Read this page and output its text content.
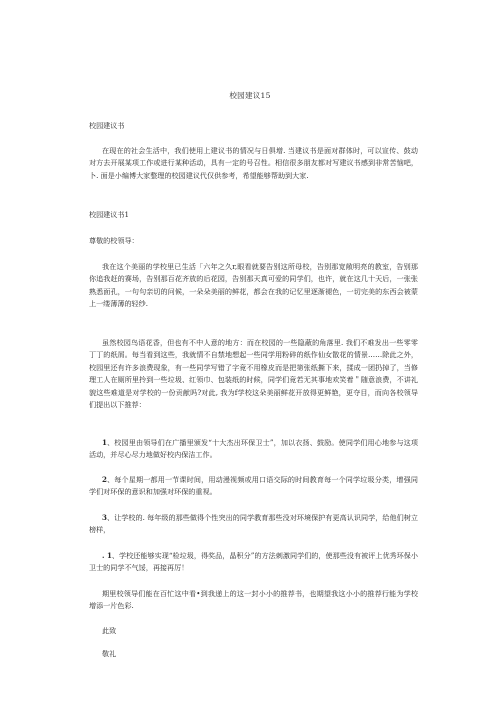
校园建议15

校园建议书

在现在的社会生活中，我们使用上建议书的情况与日俱增. 当建议书是面对群体时，可以宣传、鼓动对方去开展某项工作或进行某种活动，具有一定的号召性。相信很多朋友都对写建议书感到非常苦恼吧，卜. 面是小编博大家整理的校园建议代仅供参考，希望能够帮助到大家.

校园建议书1

尊敬的校领导：

我在这个美丽的学校里已生活「六年之久r,眼看就要告别这所母校，告别那宽敞明亮的教室，告别那你追我赶的赛场，告别那百花齐放的后花园，告别那天真可爱的同学们，也许，就在这几十天后，一张张熟悉面孔，一句句亲切的问候，一朵朵美丽的鲜花，都会在我的记忆里逐渐褪色，一切完美的东西会被蒙上一缕薄薄的轻纱.

虽然校园鸟语花香，但也有不中人意的地方：而在校园的一些隐蔽的角落里. 我们不难发出一些零零丁丁的纸屑。每当看到这些，我就情不自禁地想起一些同学用粉碎的纸作仙女散花的情景……除此之外，校园里还有许多浪费现象，有一些同学写错了字竟不用橡皮而是把第张纸撕下来，揉成一团扔掉了，当修理工人在厕所里拎到一些垃圾、红领巾、包装纸的时候，同学们竟若无其事地欢笑着＂随意浪费，不讲礼貌这些难道是对学校的一份贡献吗?对此, 我为f学校这朵美丽鲜花开放得更鲜艳，更夺目，而向各校领导们提出以下推荐：

1、校园里由领导们在广播里颁发“十大杰出环保卫士”，加以衣扬、鼓励。使同学们用心地参与这项活动，并尽心尽力地做好校内保洁工作。

2、每个星期一都用一节课时间，用动漫视频或用口语交际的时间教育每一个同学垃圾分类，增强同学们对环保的意识和加强对环保的重视。

3、让学校的. 每年级的那些做得个性突出的同学教育那些没对环境保护有更高认识同学，给他们树立榜样，

. 1、学校还能够实现“检垃圾，得奖品，晶积分”的方法刺激同学们的，使那些没有被评上优秀环保小卫士的同学不气馁，再接再厉！

期里校领导们能在百忙这中看•到我递上的这一封小小的推荐书，也期望我这小小的推荐行能为学校增添一片色彩.

此致

敬礼
